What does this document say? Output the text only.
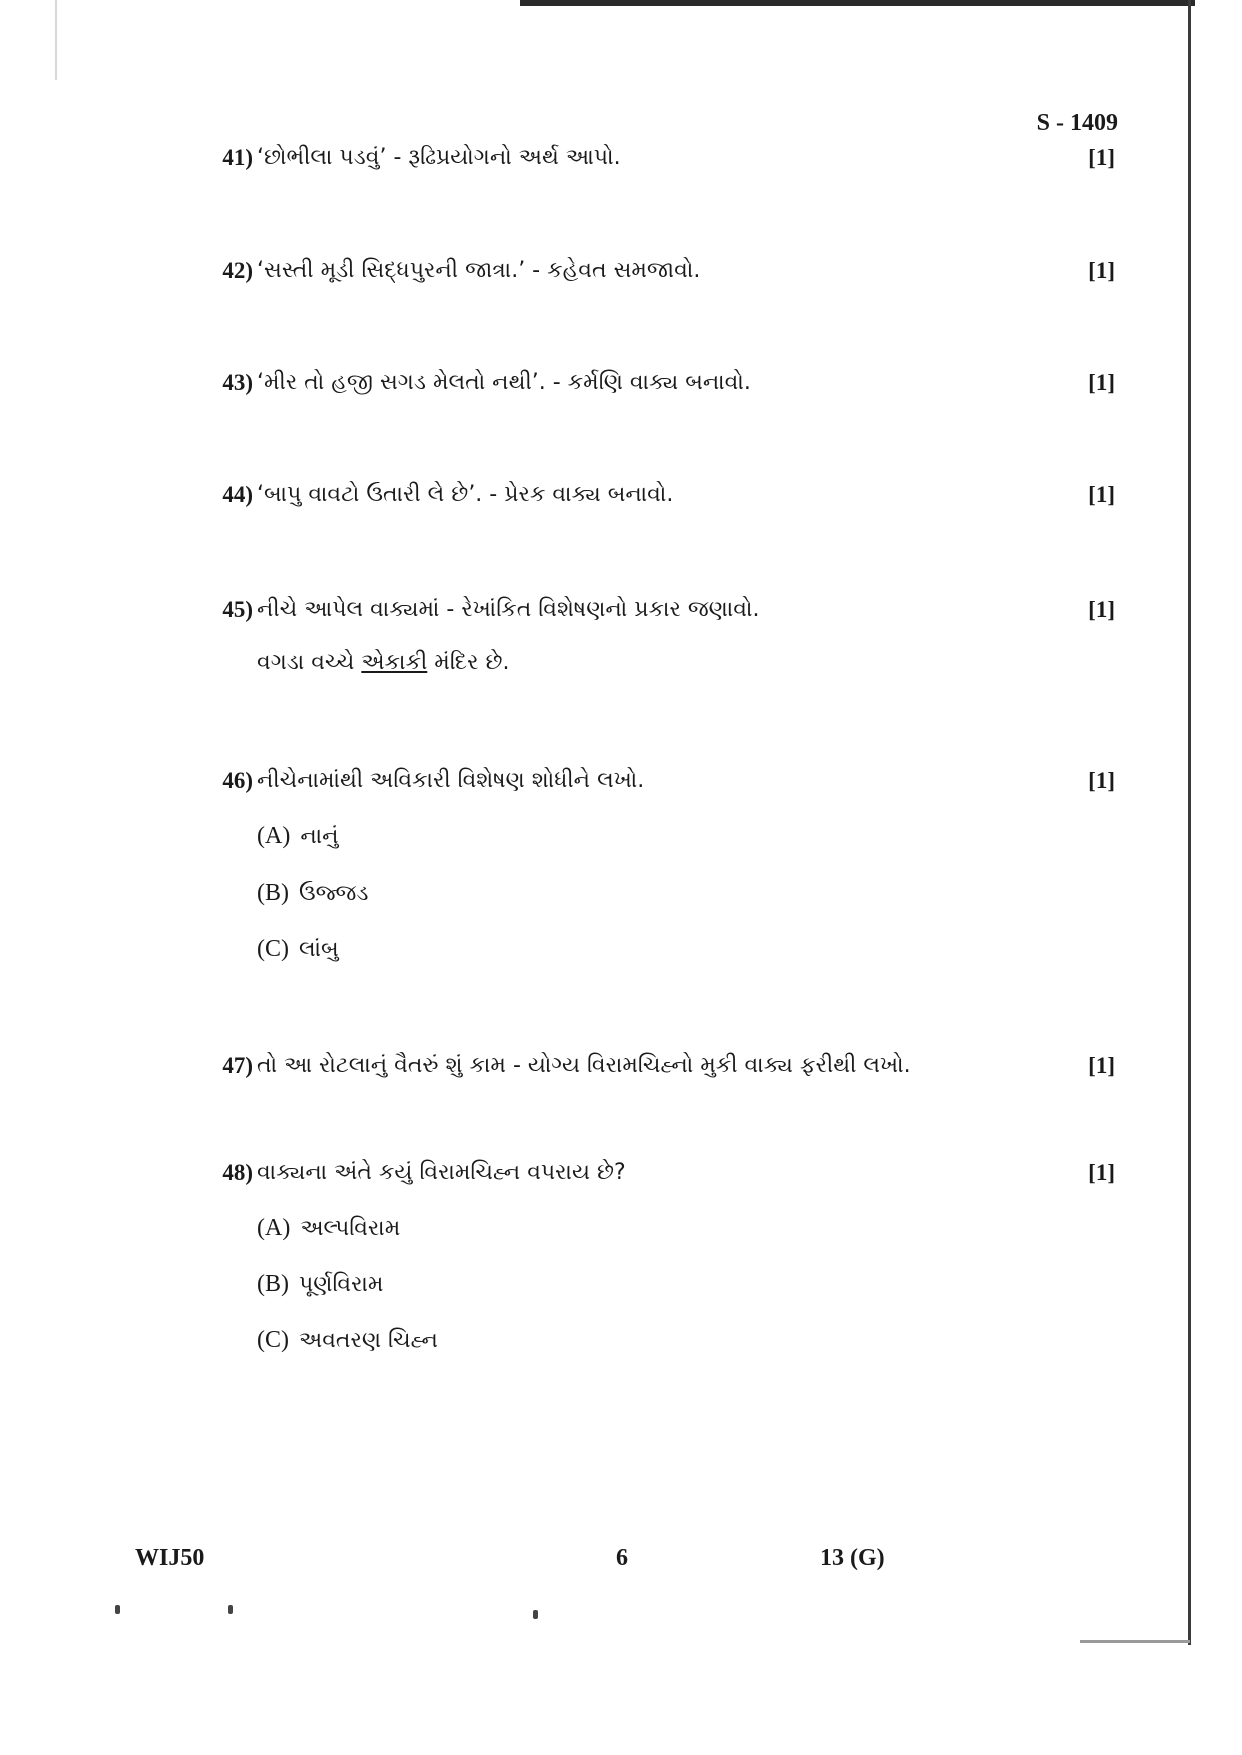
S - 1409
41) ‘છોભીલા પડવું’ - રૂઢિપ્રયોગનો અર્થ આપો.	[1]
42) ‘સસ્તી મૂડી સિદ્ધપુરની જાત્રા.’ - કહેવત સમજાવો.	[1]
43) ‘મીર તો હજી સગડ મેલતો નથી’. - કર્મણિ વાક્ય બનાવો.	[1]
44) ‘બાપુ વાવટો ઉતારી લે છે’. - પ્રેરક વાક્ય બનાવો.	[1]
45) નીચે આપેલ વાક્યમાં - રેખાંકિત વિશેષણનો પ્રકાર જણાવો.	[1]
વગડા વચ્ચે એકાકી મંદિર છે.
46) નીચેનામાંથી અવિકારી વિશેષણ શોધીને લખો.	[1]
(A) નાનું
(B) ઉજ્જડ
(C) લાંબુ
47) તો આ રોટલાનું વૈતરું શું કામ - યોગ્ય વિરામચિહ્નો મુકી વાક્ય ફરીથી લખો.	[1]
48) વાક્યના અંતે કયું વિરામચિહ્ન વપરાય છે?	[1]
(A) અલ્પવિરામ
(B) પૂર્ણવિરામ
(C) અવતરણ ચિહ્ન
WIJ50	6	13 (G)
